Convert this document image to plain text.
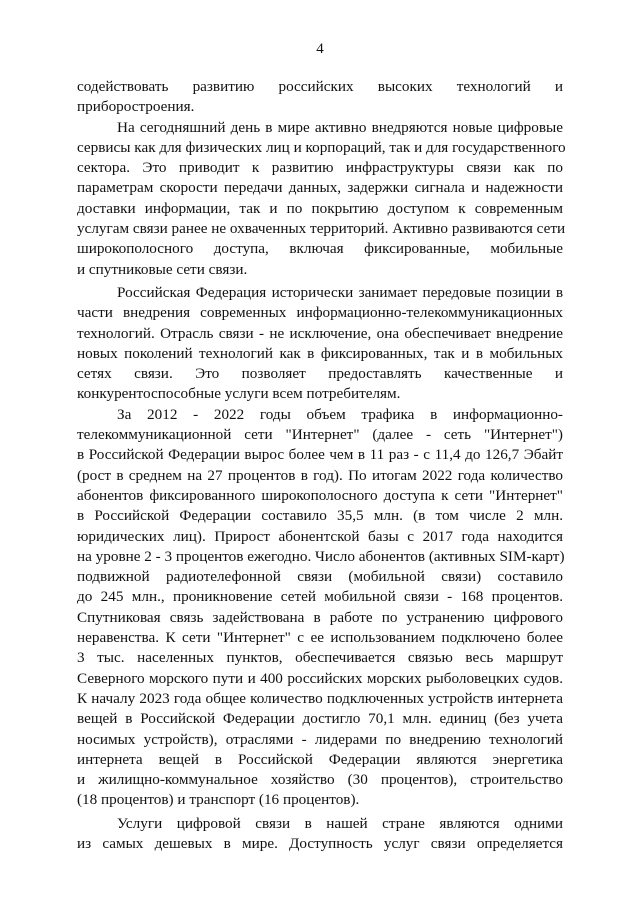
4
содействовать развитию российских высоких технологий и
приборостроения.
На сегодняшний день в мире активно внедряются новые цифровые
сервисы как для физических лиц и корпораций, так и для государственного
сектора. Это приводит к развитию инфраструктуры связи как по
параметрам скорости передачи данных, задержки сигнала и надежности
доставки информации, так и по покрытию доступом к современным
услугам связи ранее не охваченных территорий. Активно развиваются сети
широкополосного доступа, включая фиксированные, мобильные
и спутниковые сети связи.
Российская Федерация исторически занимает передовые позиции в
части внедрения современных информационно-телекоммуникационных
технологий. Отрасль связи - не исключение, она обеспечивает внедрение
новых поколений технологий как в фиксированных, так и в мобильных
сетях связи. Это позволяет предоставлять качественные и
конкурентоспособные услуги всем потребителям.
За 2012 - 2022 годы объем трафика в информационно-
телекоммуникационной сети "Интернет" (далее - сеть "Интернет")
в Российской Федерации вырос более чем в 11 раз - с 11,4 до 126,7 Эбайт
(рост в среднем на 27 процентов в год). По итогам 2022 года количество
абонентов фиксированного широкополосного доступа к сети "Интернет"
в Российской Федерации составило 35,5 млн. (в том числе 2 млн.
юридических лиц). Прирост абонентской базы с 2017 года находится
на уровне 2 - 3 процентов ежегодно. Число абонентов (активных SIM-карт)
подвижной радиотелефонной связи (мобильной связи) составило
до 245 млн., проникновение сетей мобильной связи - 168 процентов.
Спутниковая связь задействована в работе по устранению цифрового
неравенства. К сети "Интернет" с ее использованием подключено более
3 тыс. населенных пунктов, обеспечивается связью весь маршрут
Северного морского пути и 400 российских морских рыболовецких судов.
К началу 2023 года общее количество подключенных устройств интернета
вещей в Российской Федерации достигло 70,1 млн. единиц (без учета
носимых устройств), отраслями - лидерами по внедрению технологий
интернета вещей в Российской Федерации являются энергетика
и жилищно-коммунальное хозяйство (30 процентов), строительство
(18 процентов) и транспорт (16 процентов).
Услуги цифровой связи в нашей стране являются одними
из самых дешевых в мире. Доступность услуг связи определяется
